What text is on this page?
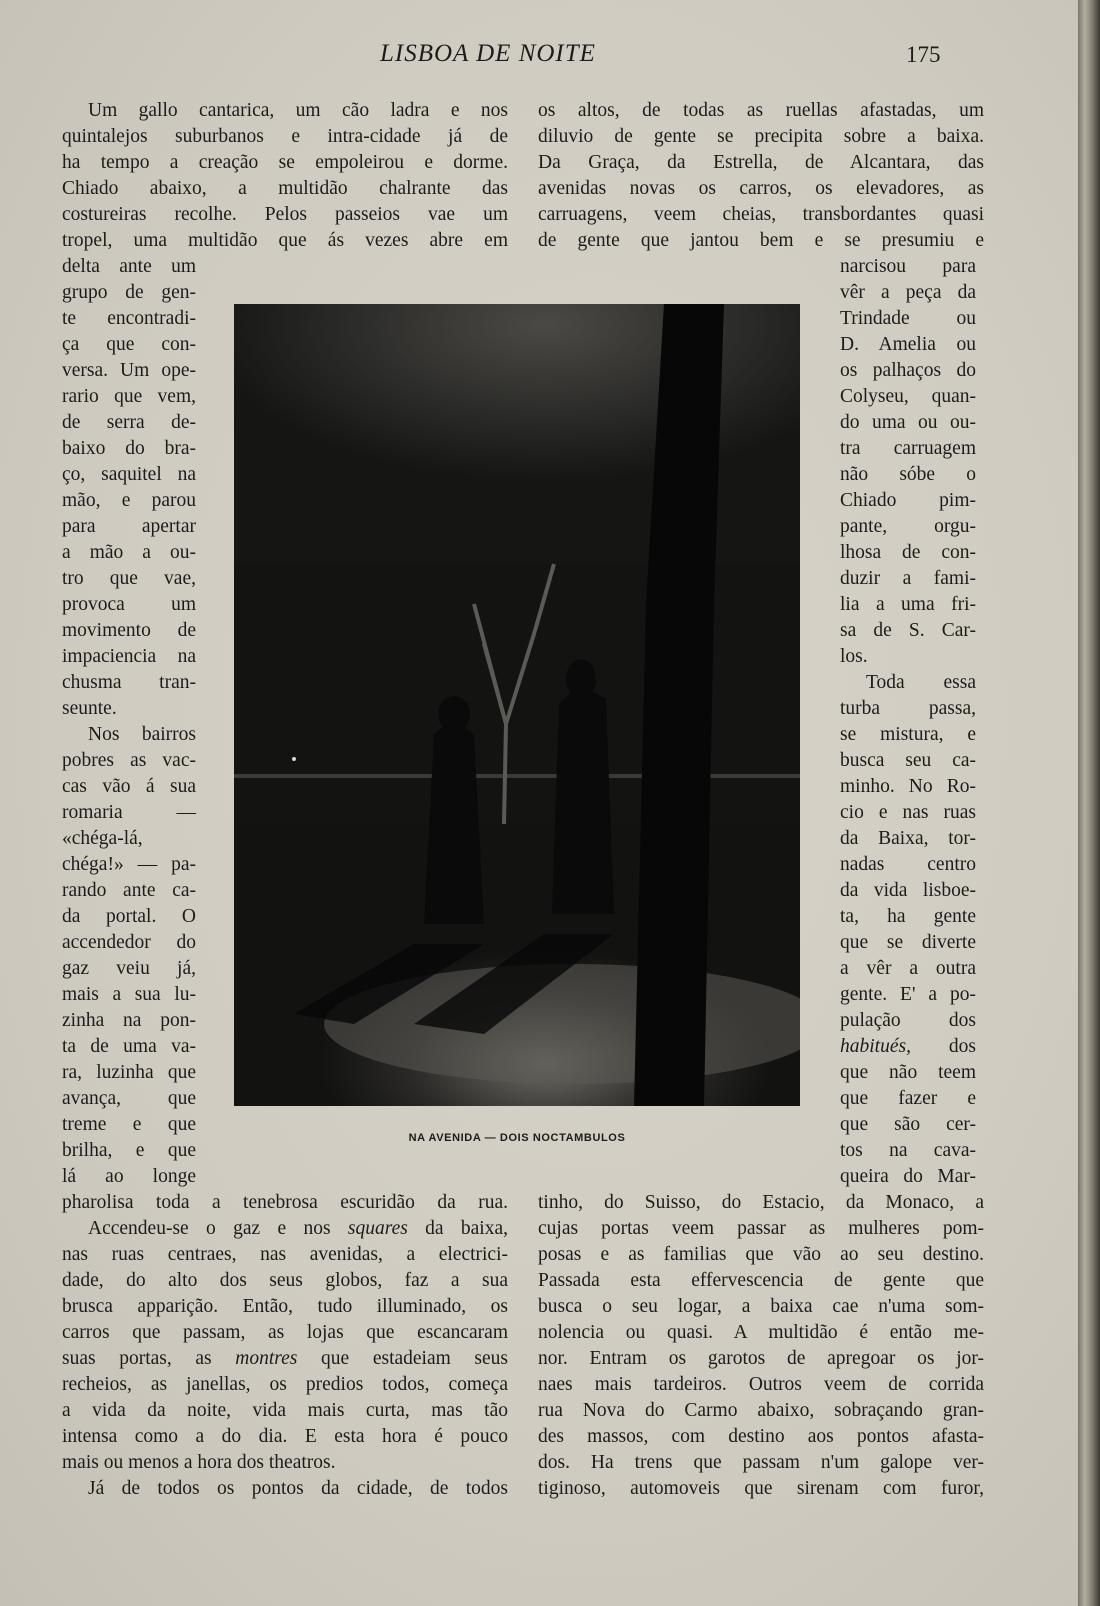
LISBOA DE NOITE	175

Um gallo cantarica, um cão ladra e nos

quintalejos suburbanos e intra-cidade já de

ha tempo a creação se empoleirou e dorme.

Chiado abaixo, a multidão chalrante das

costureiras recolhe. Pelos passeios vae um

tropel, uma multidão que ás vezes abre em

delta ante um

grupo de gen-

te encontradi-

ça que con-

versa. Um ope-

rario que vem,

de serra de-

baixo do bra-

ço, saquitel na

mão, e parou

para apertar

a mão a ou-

tro que vae,

provoca um

movimento de

impaciencia na

chusma tran-

seunte.

Nos bairros

pobres as vac-

cas vão á sua

romaria —

«chéga-lá,

chéga!» — pa-

rando ante ca-

da portal. O

accendedor do

gaz veiu já,

mais a sua lu-

zinha na pon-

ta de uma va-

ra, luzinha que

avança, que

treme e que

brilha, e que

lá ao longe

NA AVENIDA — DOIS NOCTAMBULOS

os altos, de todas as ruellas afastadas, um

diluvio de gente se precipita sobre a baixa.

Da Graça, da Estrella, de Alcantara, das

avenidas novas os carros, os elevadores, as

carruagens, veem cheias, transbordantes quasi

de gente que jantou bem e se presumiu e

narcisou para

vêr a peça da

Trindade ou

D. Amelia ou

os palhaços do

Colyseu, quan-

do uma ou ou-

tra carruagem

não sóbe o

Chiado pim-

pante, orgu-

lhosa de con-

duzir a fami-

lia a uma fri-

sa de S. Car-

los.

Toda essa

turba passa,

se mistura, e

busca seu ca-

minho. No Ro-

cio e nas ruas

da Baixa, tor-

nadas centro

da vida lisboe-

ta, ha gente

que se diverte

a vêr a outra

gente. E' a po-

pulação dos

habitués, dos

que não teem

que fazer e

que são cer-

tos na cava-

queira do Mar-

pharolisa toda a tenebrosa escuridão da rua.

Accendeu-se o gaz e nos squares da baixa,

nas ruas centraes, nas avenidas, a electrici-

dade, do alto dos seus globos, faz a sua

brusca apparição. Então, tudo illuminado, os

carros que passam, as lojas que escancaram

suas portas, as montres que estadeiam seus

recheios, as janellas, os predios todos, começa

a vida da noite, vida mais curta, mas tão

intensa como a do dia. E esta hora é pouco

mais ou menos a hora dos theatros.

Já de todos os pontos da cidade, de todos

tinho, do Suisso, do Estacio, da Monaco, a

cujas portas veem passar as mulheres pom-

posas e as familias que vão ao seu destino.

Passada esta effervescencia de gente que

busca o seu logar, a baixa cae n'uma som-

nolencia ou quasi. A multidão é então me-

nor. Entram os garotos de apregoar os jor-

naes mais tardeiros. Outros veem de corrida

rua Nova do Carmo abaixo, sobraçando gran-

des massos, com destino aos pontos afasta-

dos. Ha trens que passam n'um galope ver-

tiginoso, automoveis que sirenam com furor,
